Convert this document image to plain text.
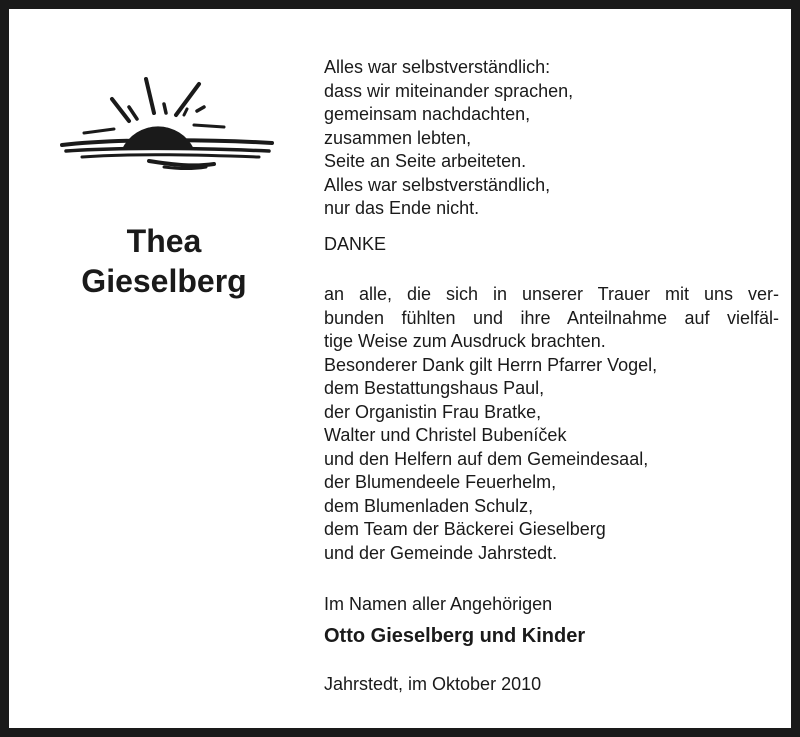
Thea
Gieselberg
Alles war selbstverständlich:
dass wir miteinander sprachen,
gemeinsam nachdachten,
zusammen lebten,
Seite an Seite arbeiteten.
Alles war selbstverständlich,
nur das Ende nicht.
DANKE
an alle, die sich in unserer Trauer mit uns ver-
bunden fühlten und ihre Anteilnahme auf vielfäl-
tige Weise zum Ausdruck brachten.
Besonderer Dank gilt Herrn Pfarrer Vogel,
dem Bestattungshaus Paul,
der Organistin Frau Bratke,
Walter und Christel Bubeníček
und den Helfern auf dem Gemeindesaal,
der Blumendeele Feuerhelm,
dem Blumenladen Schulz,
dem Team der Bäckerei Gieselberg
und der Gemeinde Jahrstedt.
Im Namen aller Angehörigen
Otto Gieselberg und Kinder
Jahrstedt, im Oktober 2010
